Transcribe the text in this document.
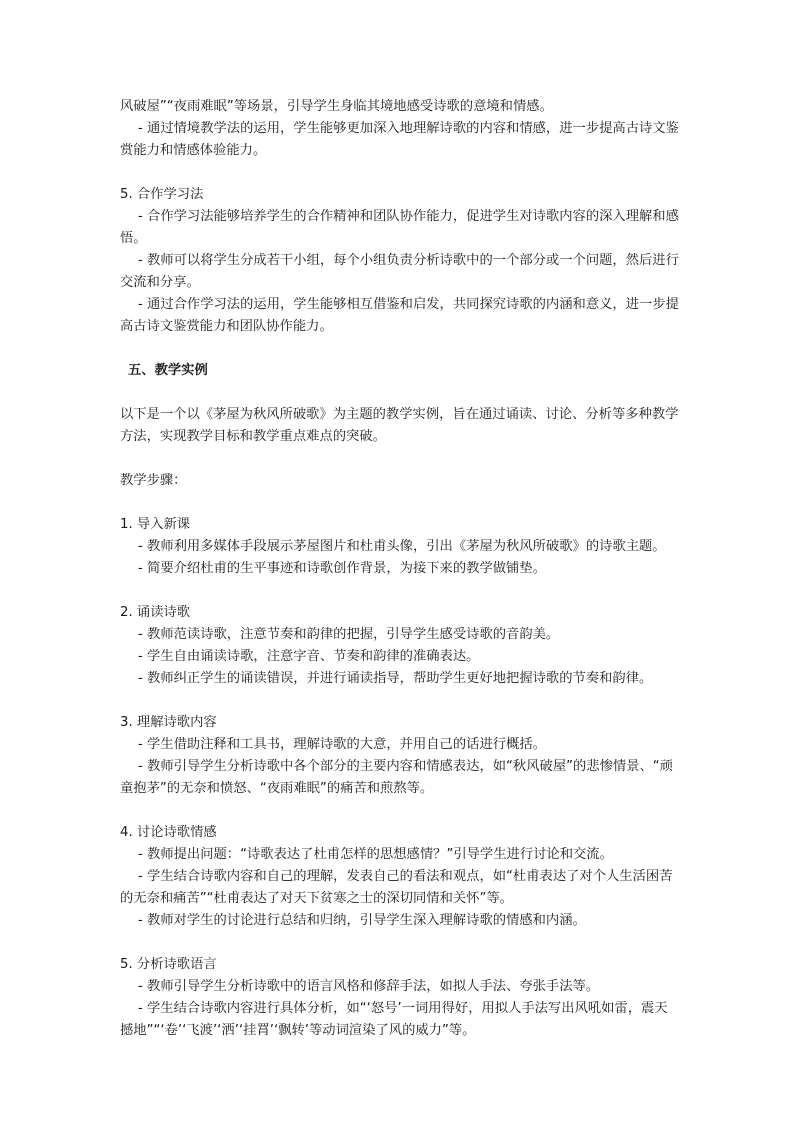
风破屋”“夜雨难眠”等场景，引导学生身临其境地感受诗歌的意境和情感。
- 通过情境教学法的运用，学生能够更加深入地理解诗歌的内容和情感，进一步提高古诗文鉴赏能力和情感体验能力。
5. 合作学习法
- 合作学习法能够培养学生的合作精神和团队协作能力，促进学生对诗歌内容的深入理解和感悟。
- 教师可以将学生分成若干小组，每个小组负责分析诗歌中的一个部分或一个问题，然后进行交流和分享。
- 通过合作学习法的运用，学生能够相互借鉴和启发，共同探究诗歌的内涵和意义，进一步提高古诗文鉴赏能力和团队协作能力。
五、教学实例
以下是一个以《茅屋为秋风所破歌》为主题的教学实例，旨在通过诵读、讨论、分析等多种教学方法，实现教学目标和教学重点难点的突破。
教学步骤：
1. 导入新课
- 教师利用多媒体手段展示茅屋图片和杜甫头像，引出《茅屋为秋风所破歌》的诗歌主题。
- 简要介绍杜甫的生平事迹和诗歌创作背景，为接下来的教学做铺垫。
2. 诵读诗歌
- 教师范读诗歌，注意节奏和韵律的把握，引导学生感受诗歌的音韵美。
- 学生自由诵读诗歌，注意字音、节奏和韵律的准确表达。
- 教师纠正学生的诵读错误，并进行诵读指导，帮助学生更好地把握诗歌的节奏和韵律。
3. 理解诗歌内容
- 学生借助注释和工具书，理解诗歌的大意，并用自己的话进行概括。
- 教师引导学生分析诗歌中各个部分的主要内容和情感表达，如“秋风破屋”的悲惨情景、“顽童抱茅”的无奈和愤怒、“夜雨难眠”的痛苦和煎熬等。
4. 讨论诗歌情感
- 教师提出问题：“诗歌表达了杜甫怎样的思想感情？”引导学生进行讨论和交流。
- 学生结合诗歌内容和自己的理解，发表自己的看法和观点，如“杜甫表达了对个人生活困苦的无奈和痛苦”“杜甫表达了对天下贫寒之士的深切同情和关怀”等。
- 教师对学生的讨论进行总结和归纳，引导学生深入理解诗歌的情感和内涵。
5. 分析诗歌语言
- 教师引导学生分析诗歌中的语言风格和修辞手法，如拟人手法、夸张手法等。
- 学生结合诗歌内容进行具体分析，如“‘怒号’一词用得好，用拟人手法写出风吼如雷，震天撼地”“‘卷’‘飞渡’‘洒’‘挂罥’‘飘转’等动词渲染了风的威力”等。
